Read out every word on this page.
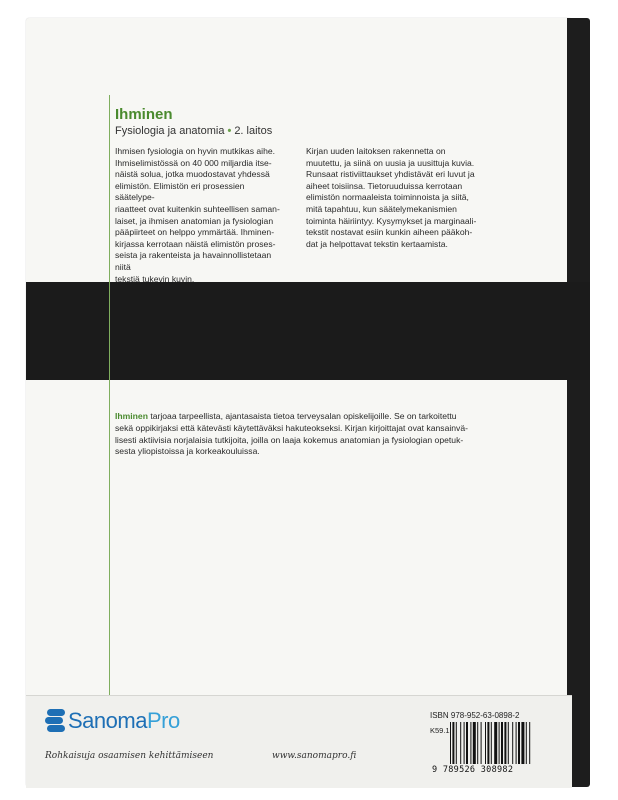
Ihminen
Fysiologia ja anatomia • 2. laitos
Ihmisen fysiologia on hyvin mutkikas aihe.
Ihmiselimistössä on 40 000 miljardia itse-
näistä solua, jotka muodostavat yhdessä
elimistön. Elimistön eri prosessien säätelype-
riaatteet ovat kuitenkin suhteellisen saman-
laiset, ja ihmisen anatomian ja fysiologian
pääpiirteet on helppo ymmärtää. Ihminen-
kirjassa kerrotaan näistä elimistön proses-
seista ja rakenteista ja havainnollistetaan niitä
tekstiä tukevin kuvin.
Kirjan uuden laitoksen rakennetta on
muutettu, ja siinä on uusia ja uusittuja kuvia.
Runsaat ristiviittaukset yhdistävät eri luvut ja
aiheet toisiinsa. Tietoruuduissa kerrotaan
elimistön normaaleista toiminnoista ja siitä,
mitä tapahtuu, kun säätelymekanismien
toiminta häiriintyy. Kysymykset ja marginaali-
tekstit nostavat esiin kunkin aiheen pääkoh-
dat ja helpottavat tekstin kertaamista.
Ihminen tarjoaa tarpeellista, ajantasaista tietoa terveysalan opiskelijoille. Se on tarkoitettu
sekä oppikirjaksi että kätevästi käytettäväksi hakuteokseksi. Kirjan kirjoittajat ovat kansainvä-
lisesti aktiivisia norjalaisia tutkijoita, joilla on laaja kokemus anatomian ja fysiologian opetuk-
sesta yliopistoissa ja korkeakouluissa.
SanomaPro
Rohkaisuja osaamisen kehittämiseen	www.sanomapro.fi
ISBN 978-952-63-0898-2
K59.1
9 789526 308982
